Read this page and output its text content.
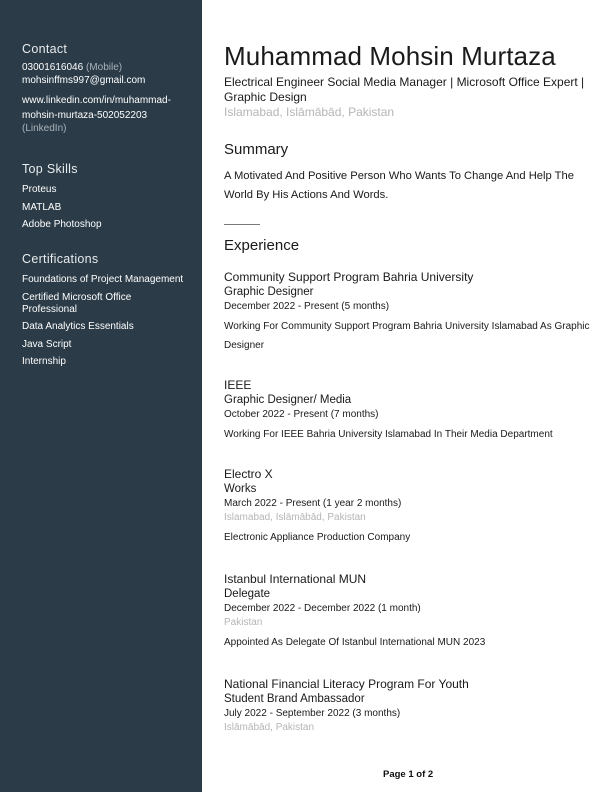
Contact
03001616046 (Mobile)
mohsinffms997@gmail.com
www.linkedin.com/in/muhammad-
mohsin-murtaza-502052203
(LinkedIn)
Top Skills
Proteus
MATLAB
Adobe Photoshop
Certifications
Foundations of Project Management
Certified Microsoft Office Professional
Data Analytics Essentials
Java Script
Internship
Muhammad Mohsin Murtaza
Electrical Engineer Social Media Manager | Microsoft Office Expert | Graphic Design
Islamabad, Islāmābād, Pakistan
Summary
A Motivated And Positive Person Who Wants To Change And Help The World By His Actions And Words.
Experience
Community Support Program Bahria University
Graphic Designer
December 2022 - Present (5 months)
Working For Community Support Program Bahria University Islamabad As Graphic Designer
IEEE
Graphic Designer/ Media
October 2022 - Present (7 months)
Working For IEEE Bahria University Islamabad In Their Media Department
Electro X
Works
March 2022 - Present (1 year 2 months)
Islamabad, Islāmābād, Pakistan
Electronic Appliance Production Company
Istanbul International MUN
Delegate
December 2022 - December 2022 (1 month)
Pakistan
Appointed As Delegate Of Istanbul International MUN 2023
National Financial Literacy Program For Youth
Student Brand Ambassador
July 2022 - September 2022 (3 months)
Islāmābād, Pakistan
Page 1 of 2
